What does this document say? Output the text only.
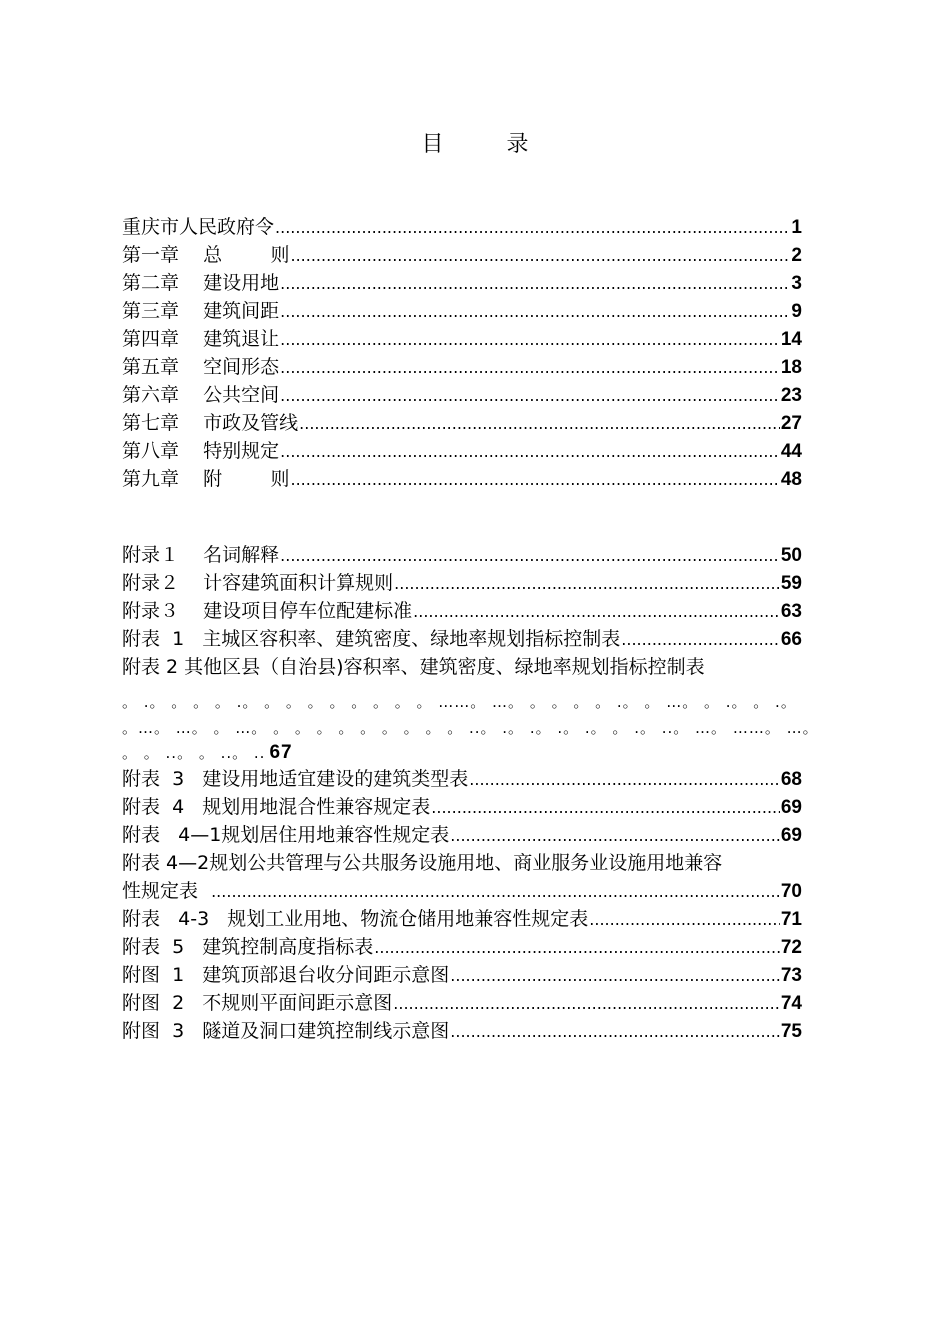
目 录
重庆市人民政府令 .....	1
第一章    总        则 .....	2
第二章    建设用地 .....	3
第三章    建筑间距 .....	9
第四章    建筑退让 .....	14
第五章    空间形态 .....	18
第六章    公共空间 .....	23
第七章    市政及管线 .....	27
第八章    特别规定 .....	44
第九章    附        则 .....	48
附录１    名词解释 .....	50
附录２    计容建筑面积计算规则 .....	59
附录３    建设项目停车位配建标准 .....	63
附表  1   主城区容积率、建筑密度、绿地率规划指标控制表 .....	66
附表 2 其他区县（自治县)容积率、建筑密度、绿地率规划指标控制表
。 .。 。 。 。 .。 。 。 。 。 。 。 。 。 ……。 …。 。 。 。 。 .。 。 …。 。 .。 。 .。
。…。 …。 。 …。 。 。 。 。 。 。 。 。 。 ..。 .。 .。 .。 .。 。 .。 ..。 …。 ……。 …。
。 。 ..。 。 ..。 .. 67
附表  3   建设用地适宜建设的建筑类型表 .....	68
附表  4   规划用地混合性兼容规定表 .....	69
附表   4—1规划居住用地兼容性规定表 .....	69
附表 4—2规划公共管理与公共服务设施用地、商业服务业设施用地兼容
性规定表 .....	70
附表   4-3   规划工业用地、物流仓储用地兼容性规定表 .....	71
附表  5   建筑控制高度指标表 .....	72
附图  1   建筑顶部退台收分间距示意图 .....	73
附图  2   不规则平面间距示意图 .....	74
附图  3   隧道及洞口建筑控制线示意图 .....	75
